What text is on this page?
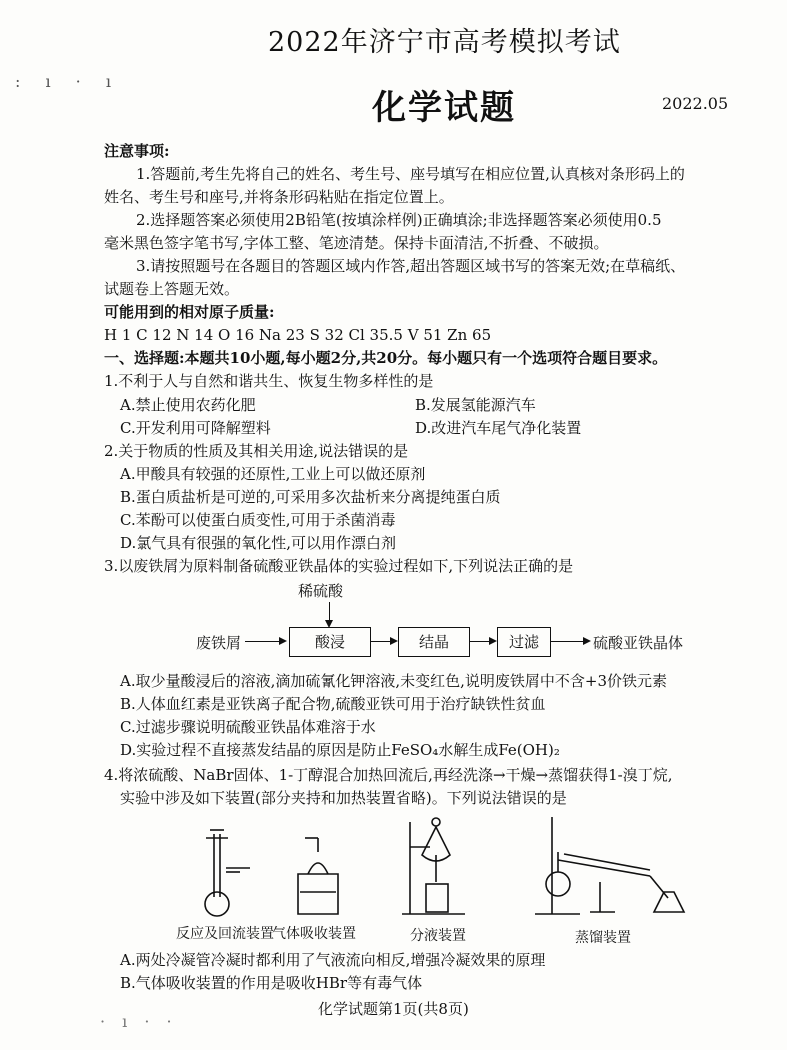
: ı · ı
· ı · ·
2022年济宁市高考模拟考试
化学试题	2022.05
注意事项:
1.答题前,考生先将自己的姓名、考生号、座号填写在相应位置,认真核对条形码上的
姓名、考生号和座号,并将条形码粘贴在指定位置上。
2.选择题答案必须使用2B铅笔(按填涂样例)正确填涂;非选择题答案必须使用0.5
毫米黑色签字笔书写,字体工整、笔迹清楚。保持卡面清洁,不折叠、不破损。
3.请按照题号在各题目的答题区域内作答,超出答题区域书写的答案无效;在草稿纸、
试题卷上答题无效。
可能用到的相对原子质量:
H 1 C 12 N 14 O 16 Na 23 S 32 Cl 35.5 V 51 Zn 65
一、选择题:本题共10小题,每小题2分,共20分。每小题只有一个选项符合题目要求。
1.不利于人与自然和谐共生、恢复生物多样性的是
A.禁止使用农药化肥	B.发展氢能源汽车
C.开发利用可降解塑料	D.改进汽车尾气净化装置
2.关于物质的性质及其相关用途,说法错误的是
A.甲酸具有较强的还原性,工业上可以做还原剂
B.蛋白质盐析是可逆的,可采用多次盐析来分离提纯蛋白质
C.苯酚可以使蛋白质变性,可用于杀菌消毒
D.氯气具有很强的氧化性,可以用作漂白剂
3.以废铁屑为原料制备硫酸亚铁晶体的实验过程如下,下列说法正确的是
稀硫酸
废铁屑	酸浸	结晶	过滤	硫酸亚铁晶体
A.取少量酸浸后的溶液,滴加硫氰化钾溶液,未变红色,说明废铁屑中不含+3价铁元素
B.人体血红素是亚铁离子配合物,硫酸亚铁可用于治疗缺铁性贫血
C.过滤步骤说明硫酸亚铁晶体难溶于水
D.实验过程不直接蒸发结晶的原因是防止FeSO₄水解生成Fe(OH)₂
4.将浓硫酸、NaBr固体、1-丁醇混合加热回流后,再经洗涤→干燥→蒸馏获得1-溴丁烷,
实验中涉及如下装置(部分夹持和加热装置省略)。下列说法错误的是
反应及回流装置
气体吸收装置	分液装置	蒸馏装置
A.两处冷凝管冷凝时都利用了气液流向相反,增强冷凝效果的原理
B.气体吸收装置的作用是吸收HBr等有毒气体
化学试题第1页(共8页)
